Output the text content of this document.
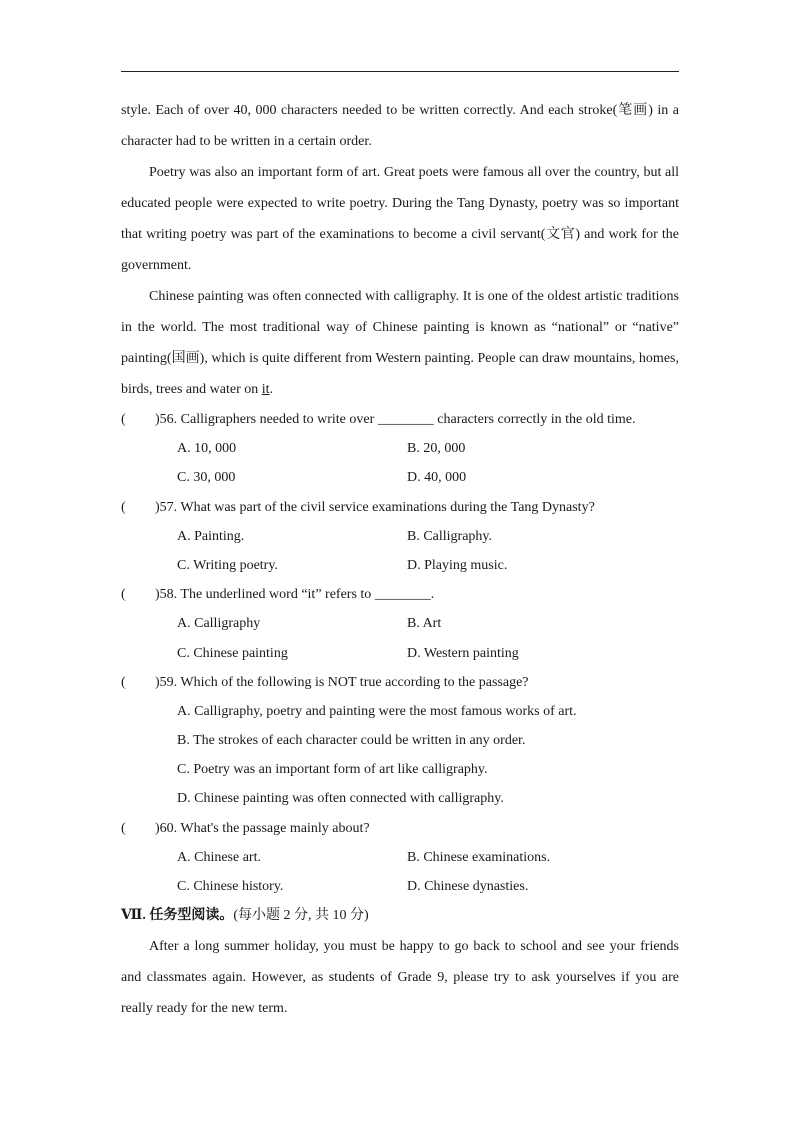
style. Each of over 40, 000 characters needed to be written correctly. And each stroke(笔画) in a character had to be written in a certain order.

Poetry was also an important form of art. Great poets were famous all over the country, but all educated people were expected to write poetry. During the Tang Dynasty, poetry was so important that writing poetry was part of the examinations to become a civil servant(文官) and work for the government.

Chinese painting was often connected with calligraphy. It is one of the oldest artistic traditions in the world. The most traditional way of Chinese painting is known as “national” or “native” painting(国画), which is quite different from Western painting. People can draw mountains, homes, birds, trees and water on it.

( )56. Calligraphers needed to write over ________ characters correctly in the old time.
A. 10, 000	B. 20, 000
C. 30, 000	D. 40, 000
( )57. What was part of the civil service examinations during the Tang Dynasty?
A. Painting.	B. Calligraphy.
C. Writing poetry.	D. Playing music.
( )58. The underlined word “it” refers to ________.
A. Calligraphy	B. Art
C. Chinese painting	D. Western painting
( )59. Which of the following is NOT true according to the passage?
A. Calligraphy, poetry and painting were the most famous works of art.
B. The strokes of each character could be written in any order.
C. Poetry was an important form of art like calligraphy.
D. Chinese painting was often connected with calligraphy.
( )60. What's the passage mainly about?
A. Chinese art.	B. Chinese examinations.
C. Chinese history.	D. Chinese dynasties.
Ⅶ. 任务型阅读。(每小题 2 分, 共 10 分)

After a long summer holiday, you must be happy to go back to school and see your friends and classmates again. However, as students of Grade 9, please try to ask yourselves if you are really ready for the new term.
